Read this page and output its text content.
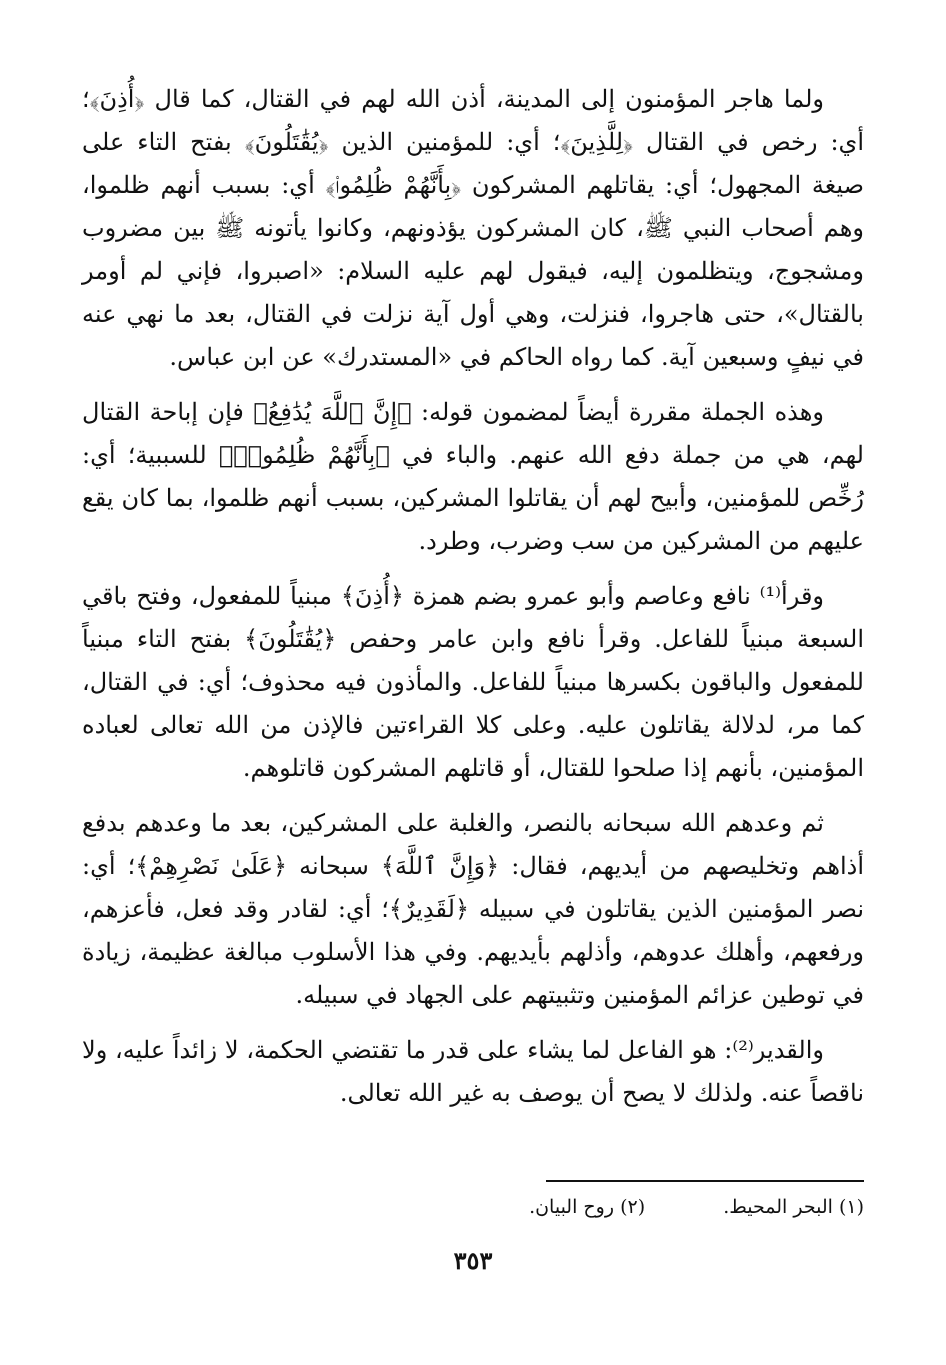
ولما هاجر المؤمنون إلى المدينة، أذن الله لهم في القتال، كما قال ﴿أُذِنَ﴾؛ أي: رخص في القتال ﴿لِلَّذِينَ﴾؛ أي: للمؤمنين الذين ﴿يُقَٰتَلُونَ﴾ بفتح التاء على صيغة المجهول؛ أي: يقاتلهم المشركون ﴿بِأَنَّهُمْ ظُلِمُوا۟﴾ أي: بسبب أنهم ظلموا، وهم أصحاب النبي ﷺ، كان المشركون يؤذونهم، وكانوا يأتونه ﷺ بين مضروب ومشجوج، ويتظلمون إليه، فيقول لهم عليه السلام: «اصبروا، فإني لم أومر بالقتال»، حتى هاجروا، فنزلت، وهي أول آية نزلت في القتال، بعد ما نهي عنه في نيفٍ وسبعين آية. كما رواه الحاكم في «المستدرك» عن ابن عباس.

وهذه الجملة مقررة أيضاً لمضمون قوله: ﴿إِنَّ ٱللَّهَ يُدَٰفِعُ﴾ فإن إباحة القتال لهم، هي من جملة دفع الله عنهم. والباء في ﴿بِأَنَّهُمْ ظُلِمُوا۟﴾ للسببية؛ أي: رُخِّص للمؤمنين، وأبيح لهم أن يقاتلوا المشركين، بسبب أنهم ظلموا، بما كان يقع عليهم من المشركين من سب وضرب، وطرد.

وقرأ⁽¹⁾ نافع وعاصم وأبو عمرو بضم همزة ﴿أُذِنَ﴾ مبنياً للمفعول، وفتح باقي السبعة مبنياً للفاعل. وقرأ نافع وابن عامر وحفص ﴿يُقَٰتَلُونَ﴾ بفتح التاء مبنياً للمفعول والباقون بكسرها مبنياً للفاعل. والمأذون فيه محذوف؛ أي: في القتال، كما مر، لدلالة يقاتلون عليه. وعلى كلا القراءتين فالإذن من الله تعالى لعباده المؤمنين، بأنهم إذا صلحوا للقتال، أو قاتلهم المشركون قاتلوهم.

ثم وعدهم الله سبحانه بالنصر، والغلبة على المشركين، بعد ما وعدهم بدفع أذاهم وتخليصهم من أيديهم، فقال: ﴿وَإِنَّ ٱللَّهَ﴾ سبحانه ﴿عَلَىٰ نَصْرِهِمْ﴾؛ أي: نصر المؤمنين الذين يقاتلون في سبيله ﴿لَقَدِيرٌ﴾؛ أي: لقادر وقد فعل، فأعزهم، ورفعهم، وأهلك عدوهم، وأذلهم بأيديهم. وفي هذا الأسلوب مبالغة عظيمة، زيادة في توطين عزائم المؤمنين وتثبيتهم على الجهاد في سبيله.

والقدير⁽²⁾: هو الفاعل لما يشاء على قدر ما تقتضي الحكمة، لا زائداً عليه، ولا ناقصاً عنه. ولذلك لا يصح أن يوصف به غير الله تعالى.

(١) البحر المحيط. (٢) روح البيان.
٣٥٣
